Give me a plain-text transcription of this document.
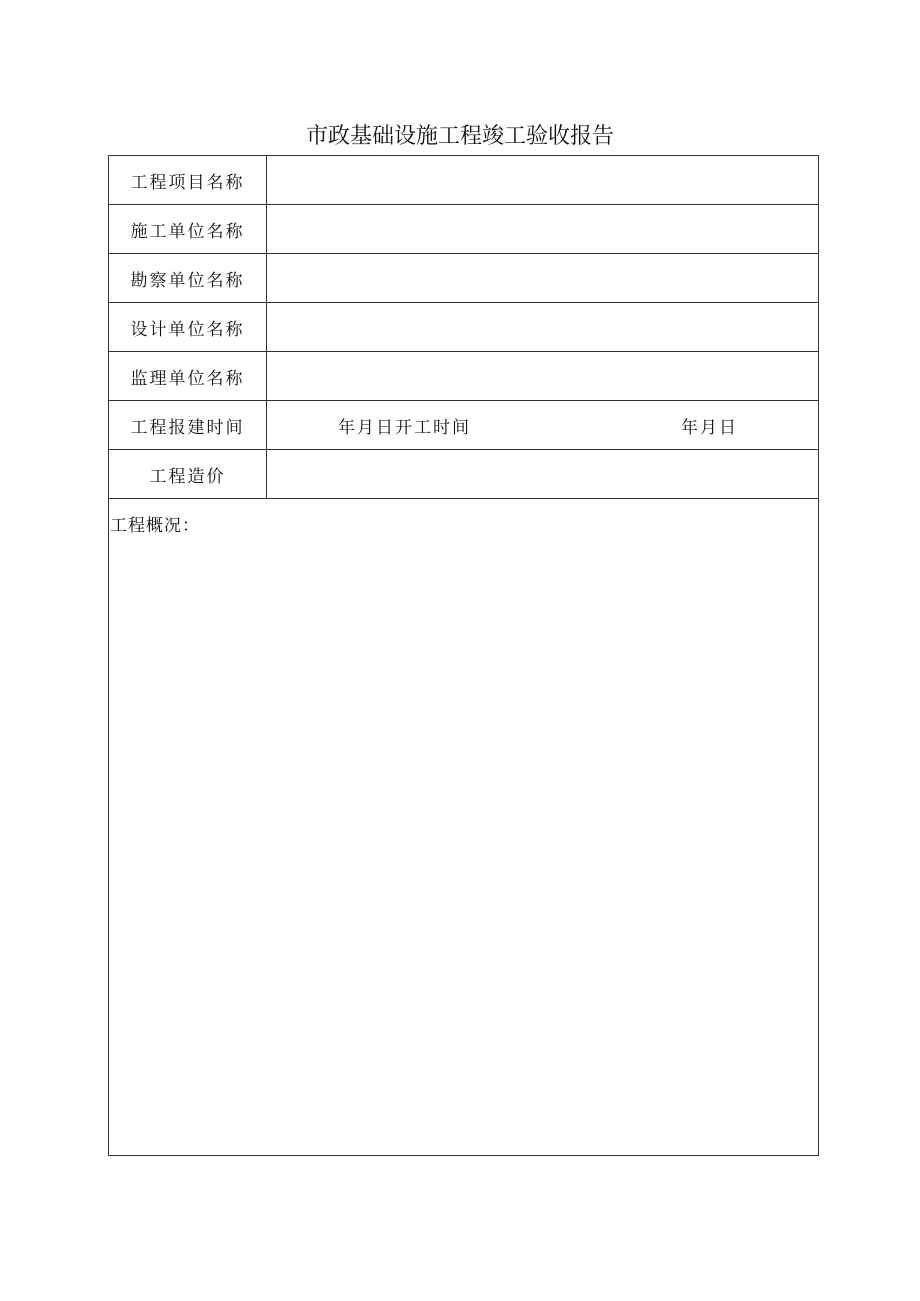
市政基础设施工程竣工验收报告
工程项目名称
施工单位名称
勘察单位名称
设计单位名称
监理单位名称
工程报建时间	年月日开工时间	年月日
工程造价
工程概况：
